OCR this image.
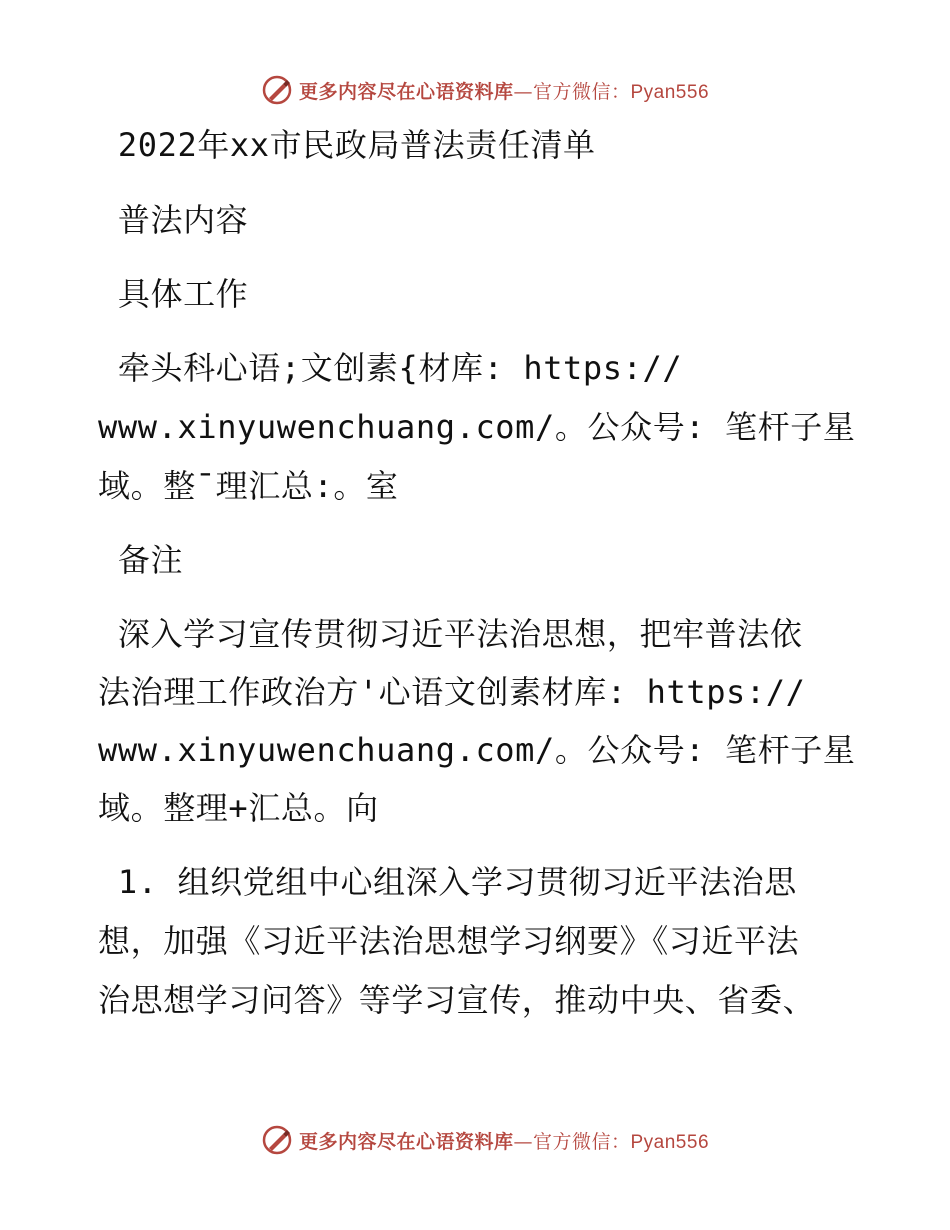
更多内容尽在心语资料库—官方微信：Pyan556
2022年xx市民政局普法责任清单
普法内容
具体工作
牵头科心语;文创素{材库: https://
www.xinyuwenchuang.com/。公众号: 笔杆子星
域。整¯理汇总:。室
备注
深入学习宣传贯彻习近平法治思想，把牢普法依
法治理工作政治方'心语文创素材库: https://
www.xinyuwenchuang.com/。公众号: 笔杆子星
域。整理+汇总。向
1. 组织党组中心组深入学习贯彻习近平法治思
想，加强《习近平法治思想学习纲要》《习近平法
治思想学习问答》等学习宣传，推动中央、省委、
更多内容尽在心语资料库—官方微信：Pyan556
